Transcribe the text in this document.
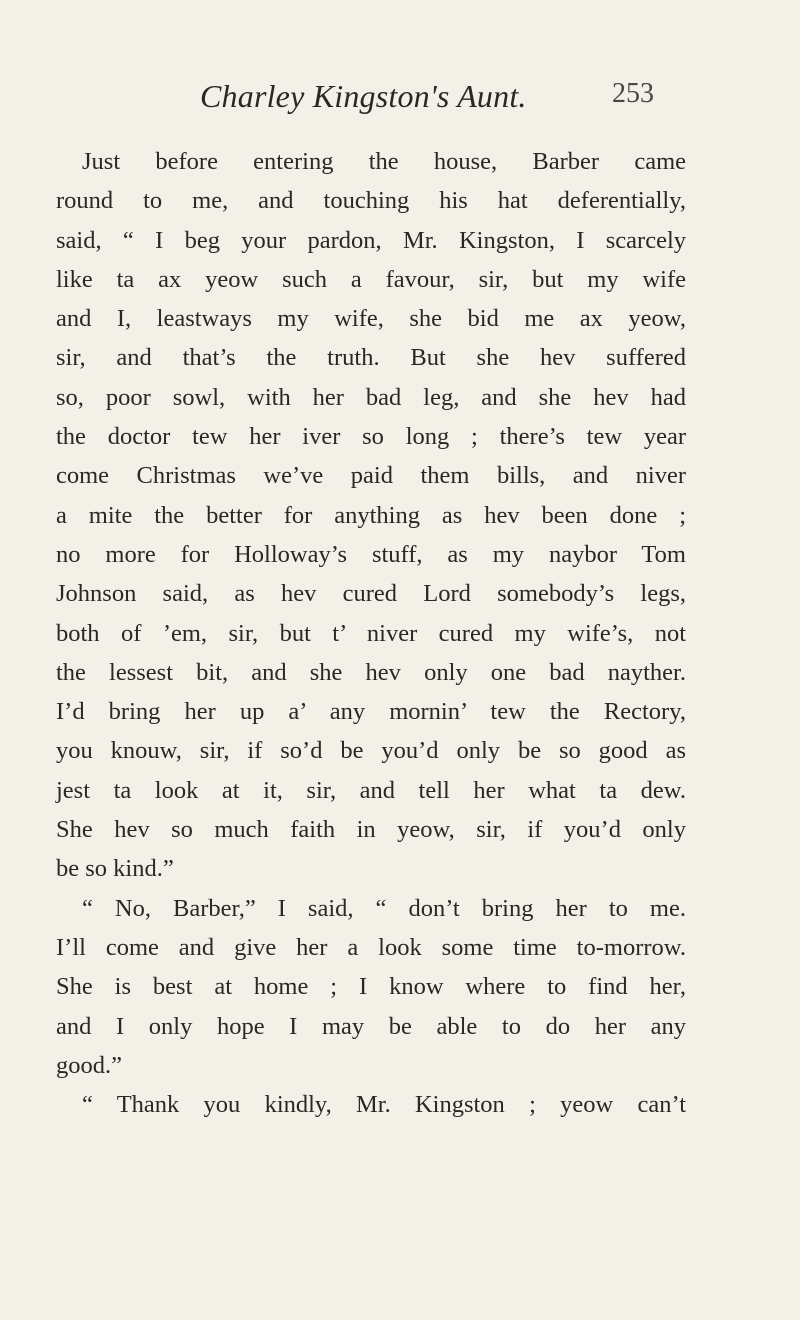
Charley Kingston's Aunt.	253
Just before entering the house, Barber came
round to me, and touching his hat deferentially,
said, “ I beg your pardon, Mr. Kingston, I scarcely
like ta ax yeow such a favour, sir, but my wife
and I, leastways my wife, she bid me ax yeow,
sir, and that’s the truth. But she hev suffered
so, poor sowl, with her bad leg, and she hev had
the doctor tew her iver so long ; there’s tew year
come Christmas we’ve paid them bills, and niver
a mite the better for anything as hev been done ;
no more for Holloway’s stuff, as my naybor Tom
Johnson said, as hev cured Lord somebody’s legs,
both of ’em, sir, but t’ niver cured my wife’s, not
the lessest bit, and she hev only one bad nayther.
I’d bring her up a’ any mornin’ tew the Rectory,
you knouw, sir, if so’d be you’d only be so good as
jest ta look at it, sir, and tell her what ta dew.
She hev so much faith in yeow, sir, if you’d only
be so kind.”
“ No, Barber,” I said, “ don’t bring her to me.
I’ll come and give her a look some time to-morrow.
She is best at home ; I know where to find her,
and I only hope I may be able to do her any
good.”
“ Thank you kindly, Mr. Kingston ; yeow can’t
